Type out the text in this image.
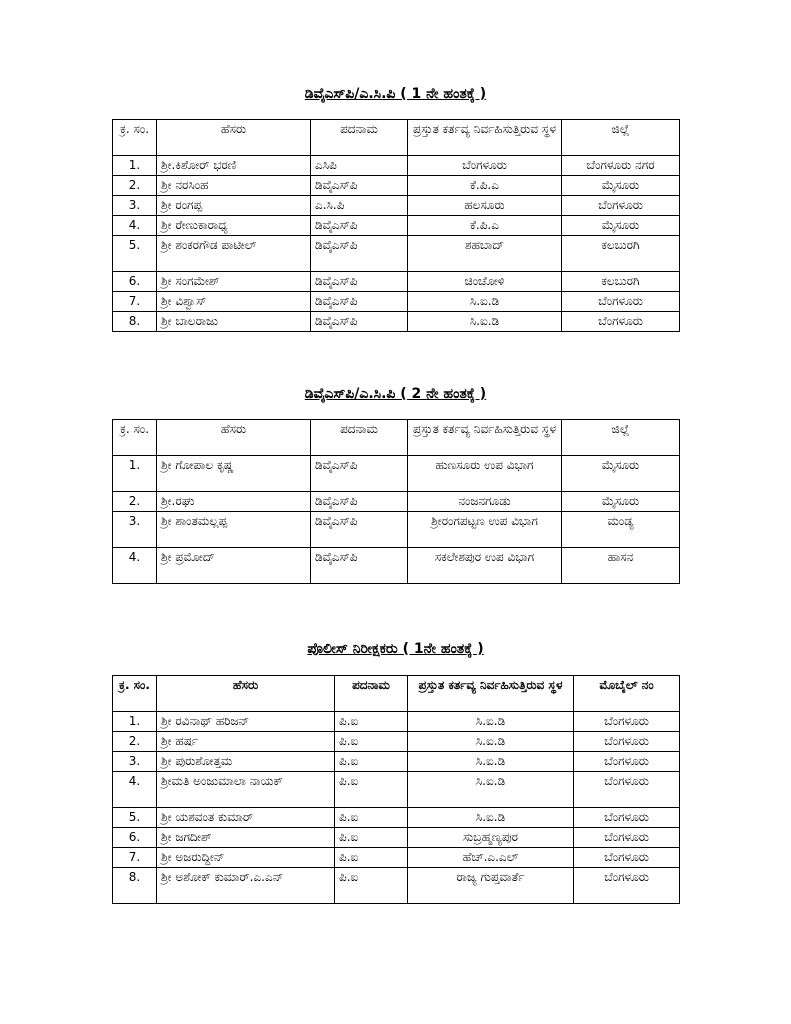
ಡಿವೈಎಸ್‌ಪಿ/ಎ.ಸಿ.ಪಿ ( 1 ನೇ ಹಂತಕ್ಕೆ )
ಕ್ರ. ಸಂ.	ಹೆಸರು	ಪದನಾಮ	ಪ್ರಸ್ತುತ ಕರ್ತವ್ಯ ನಿರ್ವಹಿಸುತ್ತಿರುವ ಸ್ಥಳ	ಜಿಲ್ಲೆ
1.	ಶ್ರೀ.ಕಿಶೋರ್ ಭರಣಿ	ಎಸಿಪಿ	ಬೆಂಗಳೂರು	ಬೆಂಗಳೂರು ನಗರ
2.	ಶ್ರೀ ನರಸಿಂಹ	ಡಿವೈಎಸ್‌ಪಿ	ಕೆ.ಪಿ.ಎ	ಮೈಸೂರು
3.	ಶ್ರೀ ರಂಗಪ್ಪ	ಎ.ಸಿ.ಪಿ	ಹಲಸೂರು	ಬೆಂಗಳೂರು
4.	ಶ್ರೀ ರೇಣುಕಾರಾಧ್ಯ	ಡಿವೈಎಸ್‌ಪಿ	ಕೆ.ಪಿ.ಎ	ಮೈಸೂರು
5.	ಶ್ರೀ ಶಂಕರಗೌಡ ಪಾಟೀಲ್	ಡಿವೈಎಸ್‌ಪಿ	ಶಹಬಾದ್	ಕಲಬುರಗಿ
6.	ಶ್ರೀ ಸಂಗಮೇಶ್	ಡಿವೈಎಸ್‌ಪಿ	ಚಿಂಚೋಳಿ	ಕಲಬುರಗಿ
7.	ಶ್ರೀ ವಿಶ್ವಾಸ್	ಡಿವೈಎಸ್‌ಪಿ	ಸಿ.ಐ.ಡಿ	ಬೆಂಗಳೂರು
8.	ಶ್ರೀ ಬಾಲರಾಜು	ಡಿವೈಎಸ್‌ಪಿ	ಸಿ.ಐ.ಡಿ	ಬೆಂಗಳೂರು
ಡಿವೈಎಸ್‌ಪಿ/ಎ.ಸಿ.ಪಿ ( 2 ನೇ ಹಂತಕ್ಕೆ )
ಕ್ರ. ಸಂ.	ಹೆಸರು	ಪದನಾಮ	ಪ್ರಸ್ತುತ ಕರ್ತವ್ಯ ನಿರ್ವಹಿಸುತ್ತಿರುವ ಸ್ಥಳ	ಜಿಲ್ಲೆ
1.	ಶ್ರೀ ಗೋಪಾಲ ಕೃಷ್ಣ	ಡಿವೈಎಸ್‌ಪಿ	ಹುಣಸೂರು ಉಪ ವಿಭಾಗ	ಮೈಸೂರು
2.	ಶ್ರೀ.ರಘು	ಡಿವೈಎಸ್‌ಪಿ	ನಂಜನಗೂಡು	ಮೈಸೂರು
3.	ಶ್ರೀ ಶಾಂತಮಲ್ಲಪ್ಪ	ಡಿವೈಎಸ್‌ಪಿ	ಶ್ರೀರಂಗಪಟ್ಟಣ ಉಪ ವಿಭಾಗ	ಮಂಡ್ಯ
4.	ಶ್ರೀ ಪ್ರಮೋದ್	ಡಿವೈಎಸ್‌ಪಿ	ಸಕಲೇಶಪುರ ಉಪ ವಿಭಾಗ	ಹಾಸನ
ಪೊಲೀಸ್ ನಿರೀಕ್ಷಕರು ( 1ನೇ ಹಂತಕ್ಕೆ )
ಕ್ರ. ಸಂ.	ಹೆಸರು	ಪದನಾಮ	ಪ್ರಸ್ತುತ ಕರ್ತವ್ಯ ನಿರ್ವಹಿಸುತ್ತಿರುವ ಸ್ಥಳ	ಮೊಬೈಲ್ ನಂ
1.	ಶ್ರೀ ರವಿನಾಥ್ ಹರಿಜನ್	ಪಿ.ಐ	ಸಿ.ಐ.ಡಿ	ಬೆಂಗಳೂರು
2.	ಶ್ರೀ ಹರ್ಷ	ಪಿ.ಐ	ಸಿ.ಐ.ಡಿ	ಬೆಂಗಳೂರು
3.	ಶ್ರೀ ಪುರುಶೋತ್ತಮ	ಪಿ.ಐ	ಸಿ.ಐ.ಡಿ	ಬೆಂಗಳೂರು
4.	ಶ್ರೀಮತಿ ಅಂಜುಮಾಲಾ ನಾಯಕ್	ಪಿ.ಐ	ಸಿ.ಐ.ಡಿ	ಬೆಂಗಳೂರು
5.	ಶ್ರೀ ಯಶವಂತ ಕುಮಾರ್	ಪಿ.ಐ	ಸಿ.ಐ.ಡಿ	ಬೆಂಗಳೂರು
6.	ಶ್ರೀ ಜಗದೀಶ್	ಪಿ.ಐ	ಸುಬ್ರಹ್ಮಣ್ಯಪುರ	ಬೆಂಗಳೂರು
7.	ಶ್ರೀ ಅಜರುದ್ದೀನ್	ಪಿ.ಐ	ಹೆಚ್.ಎ.ಎಲ್	ಬೆಂಗಳೂರು
8.	ಶ್ರೀ ಅಶೋಕ್ ಕುಮಾರ್.ಎ.ಎನ್	ಪಿ.ಐ	ರಾಜ್ಯ ಗುಪ್ತವಾರ್ತೆ	ಬೆಂಗಳೂರು
